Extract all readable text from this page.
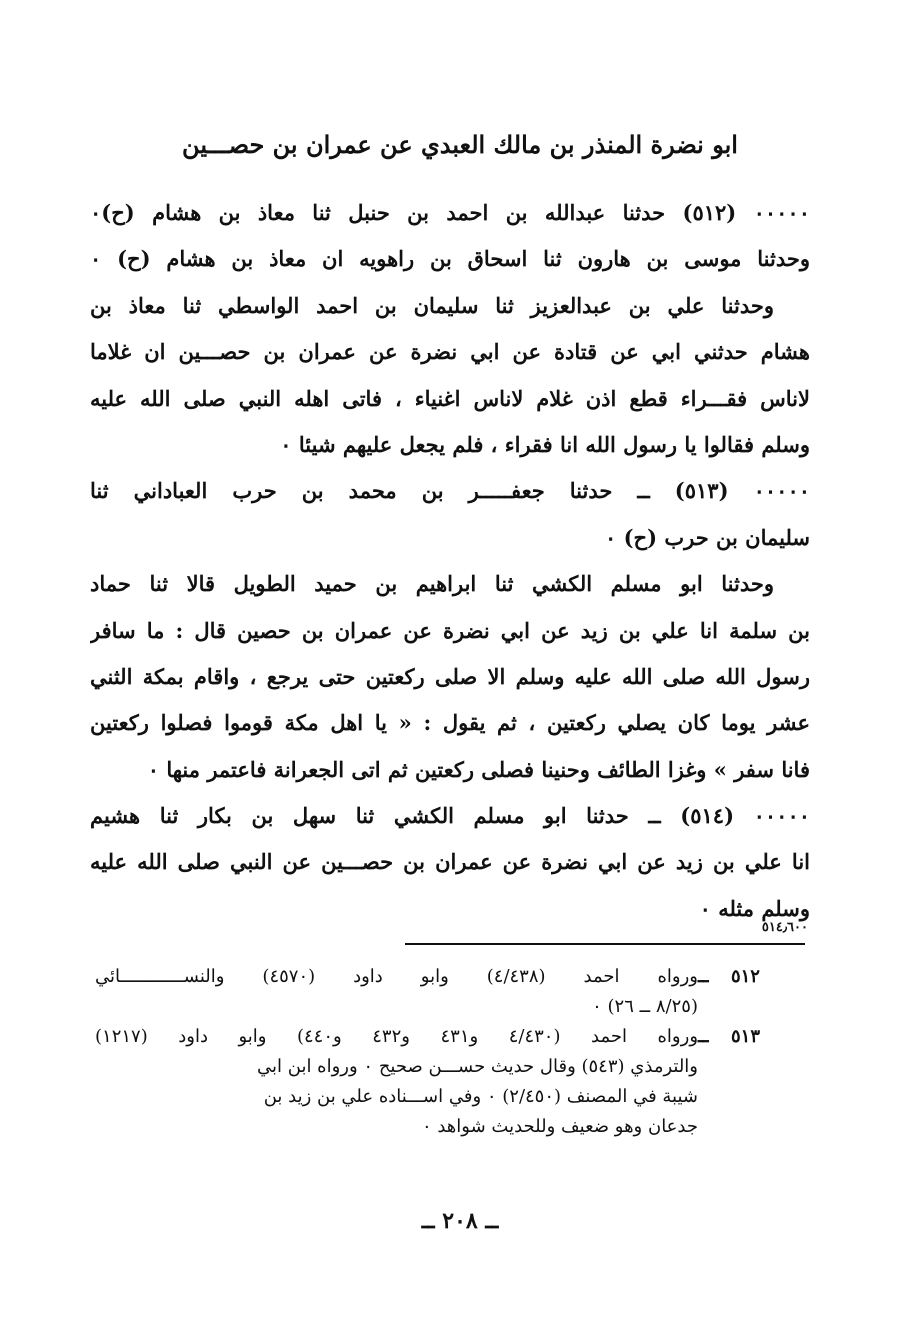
ابو نضرة المنذر بن مالك العبدي عن عمران بن حصـــين
٠٠٠٠٠ (٥١٢) حدثنا عبدالله بن احمد بن حنبل ثنا معاذ بن هشام (ح)٠
وحدثنا موسى بن هارون ثنا اسحاق بن راهويه ان معاذ بن هشام (ح) ٠
وحدثنا علي بن عبدالعزيز ثنا سليمان بن احمد الواسطي ثنا معاذ بن
هشام حدثني ابي عن قتادة عن ابي نضرة عن عمران بن حصـــين ان غلاما
لاناس فقـــراء قطع اذن غلام لاناس اغنياء ، فاتى اهله النبي صلى الله عليه
وسلم فقالوا يا رسول الله انا فقراء ، فلم يجعل عليهم شيئا ٠
٠٠٠٠٠ (٥١٣) ــ حدثنا جعفـــــر بن محمد بن حرب العباداني ثنا
سليمان بن حرب (ح) ٠
وحدثنا ابو مسلم الكشي ثنا ابراهيم بن حميد الطويل قالا ثنا حماد
بن سلمة انا علي بن زيد عن ابي نضرة عن عمران بن حصين قال : ما سافر
رسول الله صلى الله عليه وسلم الا صلى ركعتين حتى يرجع ، واقام بمكة الثني
عشر يوما كان يصلي ركعتين ، ثم يقول : « يا اهل مكة قوموا فصلوا ركعتين
فانا سفر » وغزا الطائف وحنينا فصلى ركعتين ثم اتى الجعرانة فاعتمر منها ٠
٠٠٠٠٠ (٥١٤) ــ حدثنا ابو مسلم الكشي ثنا سهل بن بكار ثنا هشيم
انا علي بن زيد عن ابي نضرة عن عمران بن حصـــين عن النبي صلى الله عليه
وسلم مثله ٠
٥١٤٫٦٠٠
٥١٢ ــورواه احمد (٤/٤٣٨) وابو داود (٤٥٧٠) والنســــــــــــائي
(٨/٢٥ ــ ٢٦) ٠
٥١٣ ــورواه احمد (٤/٤٣٠ و٤٣١ و٤٣٢ و٤٤٠) وابو داود (١٢١٧)
والترمذي (٥٤٣) وقال حديث حســـن صحيح ٠ ورواه ابن ابي
شيبة في المصنف (٢/٤٥٠) ٠ وفي اســـناده علي بن زيد بن
جدعان وهو ضعيف وللحديث شواهد ٠
ــ ٢٠٨ ــ
